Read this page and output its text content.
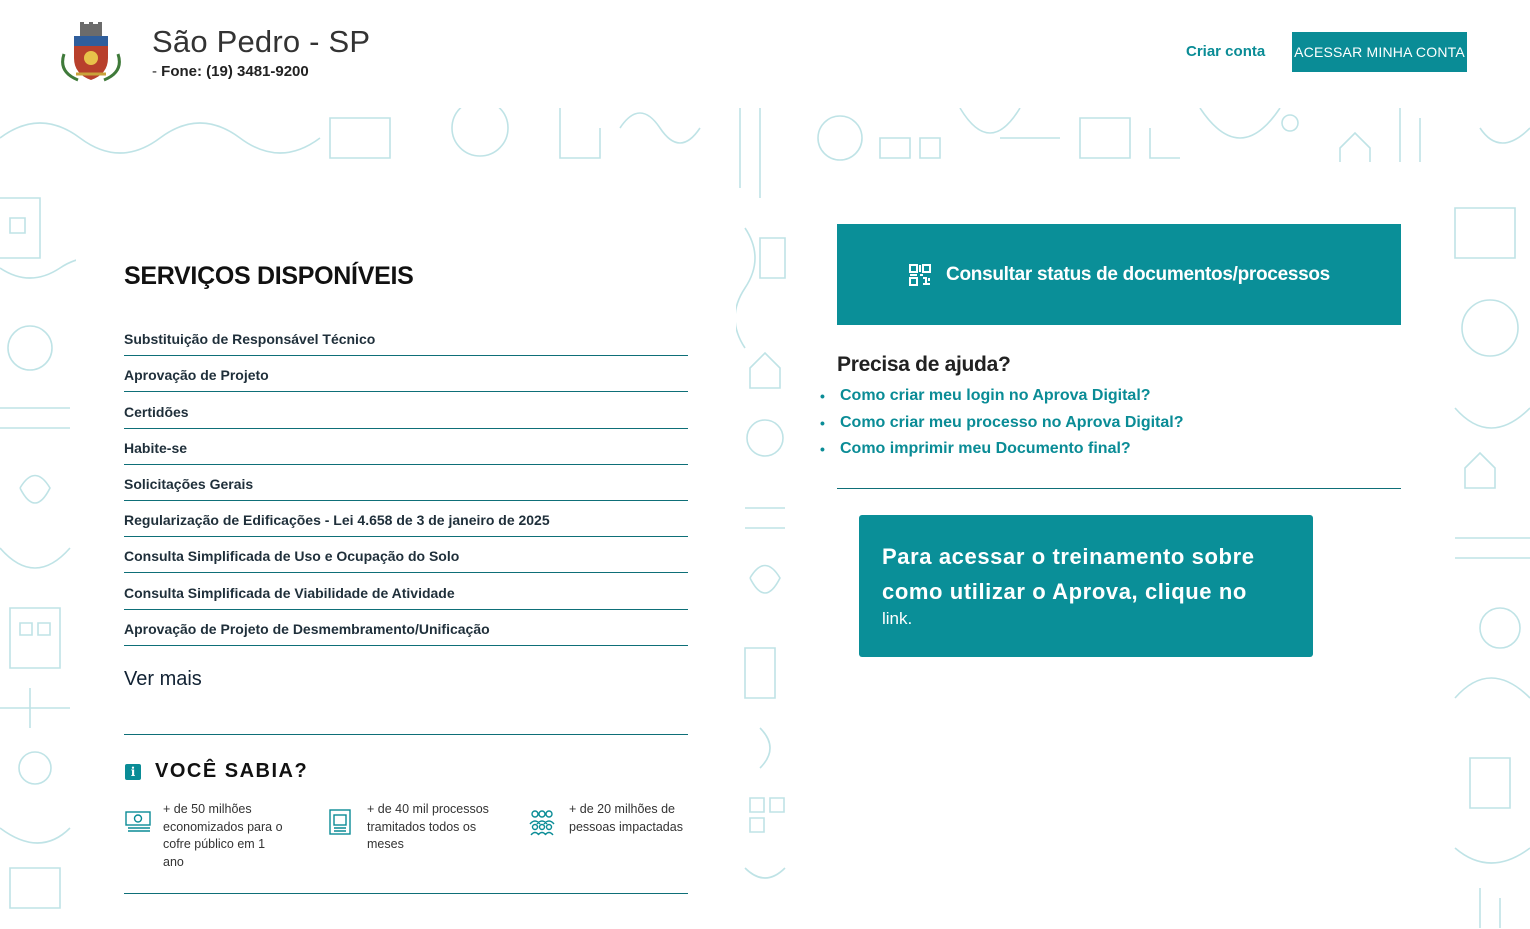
São Pedro - SP
- Fone: (19) 3481-9200
Criar conta ACESSAR MINHA CONTA
SERVIÇOS DISPONÍVEIS
Substituição de Responsável Técnico
Aprovação de Projeto
Certidões
Habite-se
Solicitações Gerais
Regularização de Edificações - Lei 4.658 de 3 de janeiro de 2025
Consulta Simplificada de Uso e Ocupação do Solo
Consulta Simplificada de Viabilidade de Atividade
Aprovação de Projeto de Desmembramento/Unificação
Ver mais
i VOCÊ SABIA?
+ de 50 milhões
economizados para o
cofre público em 1
ano
+ de 40 mil processos
tramitados todos os
meses
+ de 20 milhões de
pessoas impactadas
Consultar status de documentos/processos
Precisa de ajuda?
• Como criar meu login no Aprova Digital?
• Como criar meu processo no Aprova Digital?
• Como imprimir meu Documento final?
Para acessar o treinamento sobre
como utilizar o Aprova, clique no
link.
